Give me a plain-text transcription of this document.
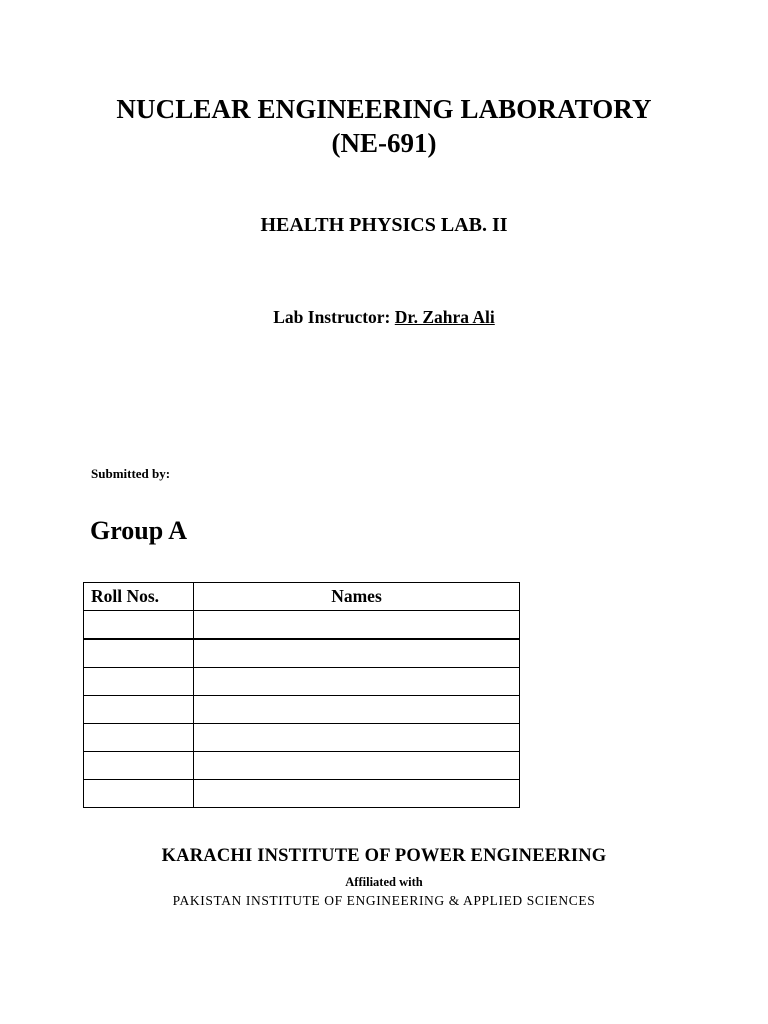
NUCLEAR ENGINEERING LABORATORY
(NE-691)
HEALTH PHYSICS LAB. II
Lab Instructor: Dr. Zahra Ali
Submitted by:
Group A
Roll Nos.	Names

KARACHI INSTITUTE OF POWER ENGINEERING
Affiliated with
PAKISTAN INSTITUTE OF ENGINEERING & APPLIED SCIENCES
